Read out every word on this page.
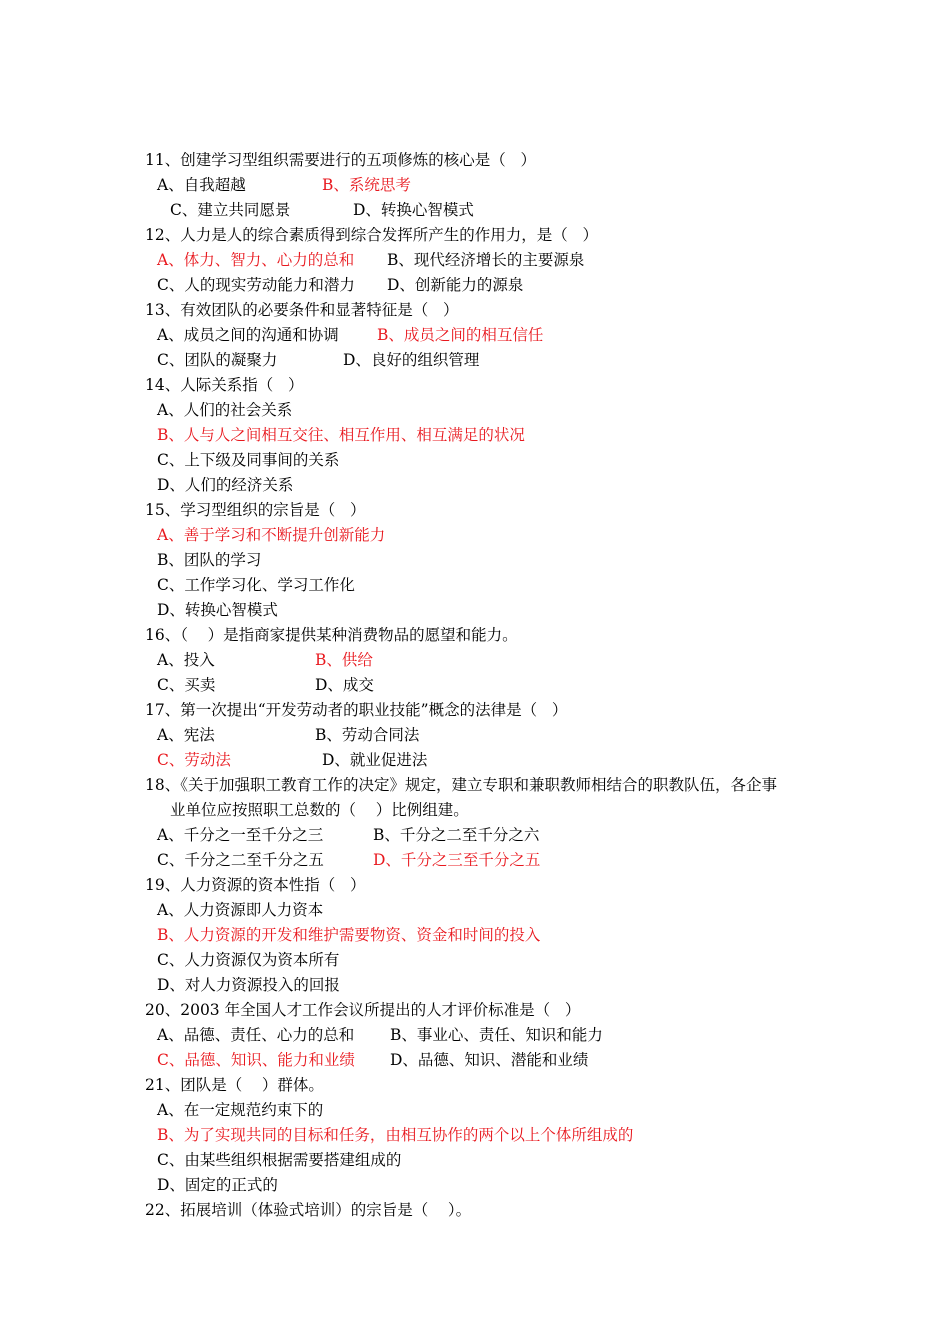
11、创建学习型组织需要进行的五项修炼的核心是（   ）
A、自我超越	B、系统思考
C、建立共同愿景	D、转换心智模式
12、人力是人的综合素质得到综合发挥所产生的作用力，是（   ）
A、体力、智力、心力的总和 B、现代经济增长的主要源泉
C、人的现实劳动能力和潜力 D、创新能力的源泉
13、有效团队的必要条件和显著特征是（   ）
A、成员之间的沟通和协调 B、成员之间的相互信任
C、团队的凝聚力	D、良好的组织管理
14、人际关系指（   ）
A、人们的社会关系
B、人与人之间相互交往、相互作用、相互满足的状况
C、上下级及同事间的关系
D、人们的经济关系
15、学习型组织的宗旨是（   ）
A、善于学习和不断提升创新能力
B、团队的学习
C、工作学习化、学习工作化
D、转换心智模式
16、（    ）是指商家提供某种消费物品的愿望和能力。
A、投入	B、供给
C、买卖	D、成交
17、第一次提出“开发劳动者的职业技能”概念的法律是（   ）
A、宪法	B、劳动合同法
C、劳动法	D、就业促进法
18、《关于加强职工教育工作的决定》规定，建立专职和兼职教师相结合的职教队伍，各企事
业单位应按照职工总数的（    ）比例组建。
A、千分之一至千分之三	B、千分之二至千分之六
C、千分之二至千分之五	D、千分之三至千分之五
19、人力资源的资本性指（   ）
A、人力资源即人力资本
B、人力资源的开发和维护需要物资、资金和时间的投入
C、人力资源仅为资本所有
D、对人力资源投入的回报
20、2003 年全国人才工作会议所提出的人才评价标准是（   ）
A、品德、责任、心力的总和 B、事业心、责任、知识和能力
C、品德、知识、能力和业绩 D、品德、知识、潜能和业绩
21、团队是（    ）群体。
A、在一定规范约束下的
B、为了实现共同的目标和任务，由相互协作的两个以上个体所组成的
C、由某些组织根据需要搭建组成的
D、固定的正式的
22、拓展培训（体验式培训）的宗旨是（    ）。
